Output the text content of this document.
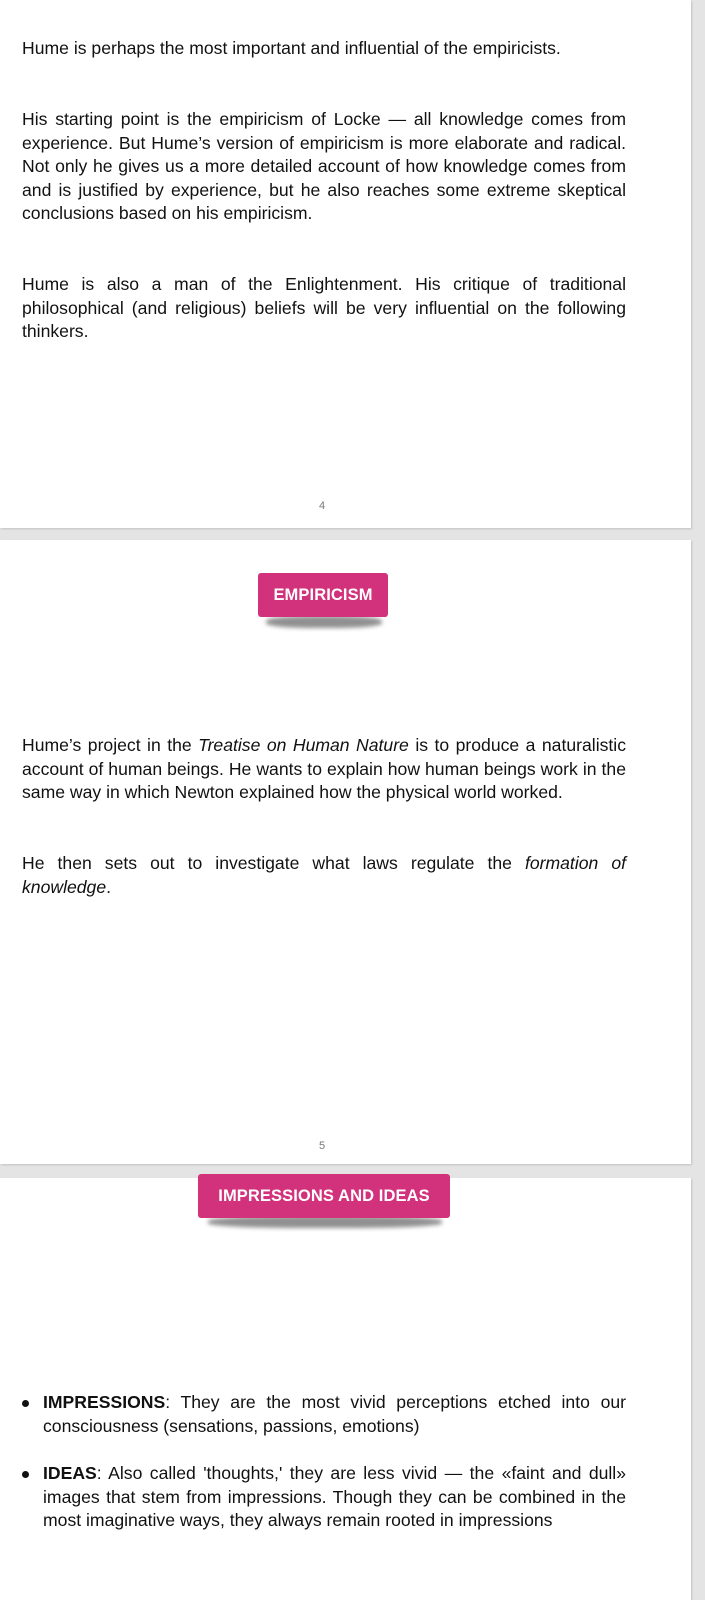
Hume is perhaps the most important and influential of the empiricists.

His starting point is the empiricism of Locke — all knowledge comes from experience. But Hume’s version of empiricism is more elaborate and radical. Not only he gives us a more detailed account of how knowledge comes from and is justified by experience, but he also reaches some extreme skeptical conclusions based on his empiricism.

Hume is also a man of the Enlightenment. His critique of traditional philosophical (and religious) beliefs will be very influential on the following thinkers.

4
EMPIRICISM

Hume’s project in the Treatise on Human Nature is to produce a naturalistic account of human beings. He wants to explain how human beings work in the same way in which Newton explained how the physical world worked.

He then sets out to investigate what laws regulate the formation of knowledge.

5
IMPRESSIONS AND IDEAS
IMPRESSIONS: They are the most vivid perceptions etched into our consciousness (sensations, passions, emotions)
IDEAS: Also called 'thoughts,' they are less vivid — the «faint and dull» images that stem from impressions. Though they can be combined in the most imaginative ways, they always remain rooted in impressions
